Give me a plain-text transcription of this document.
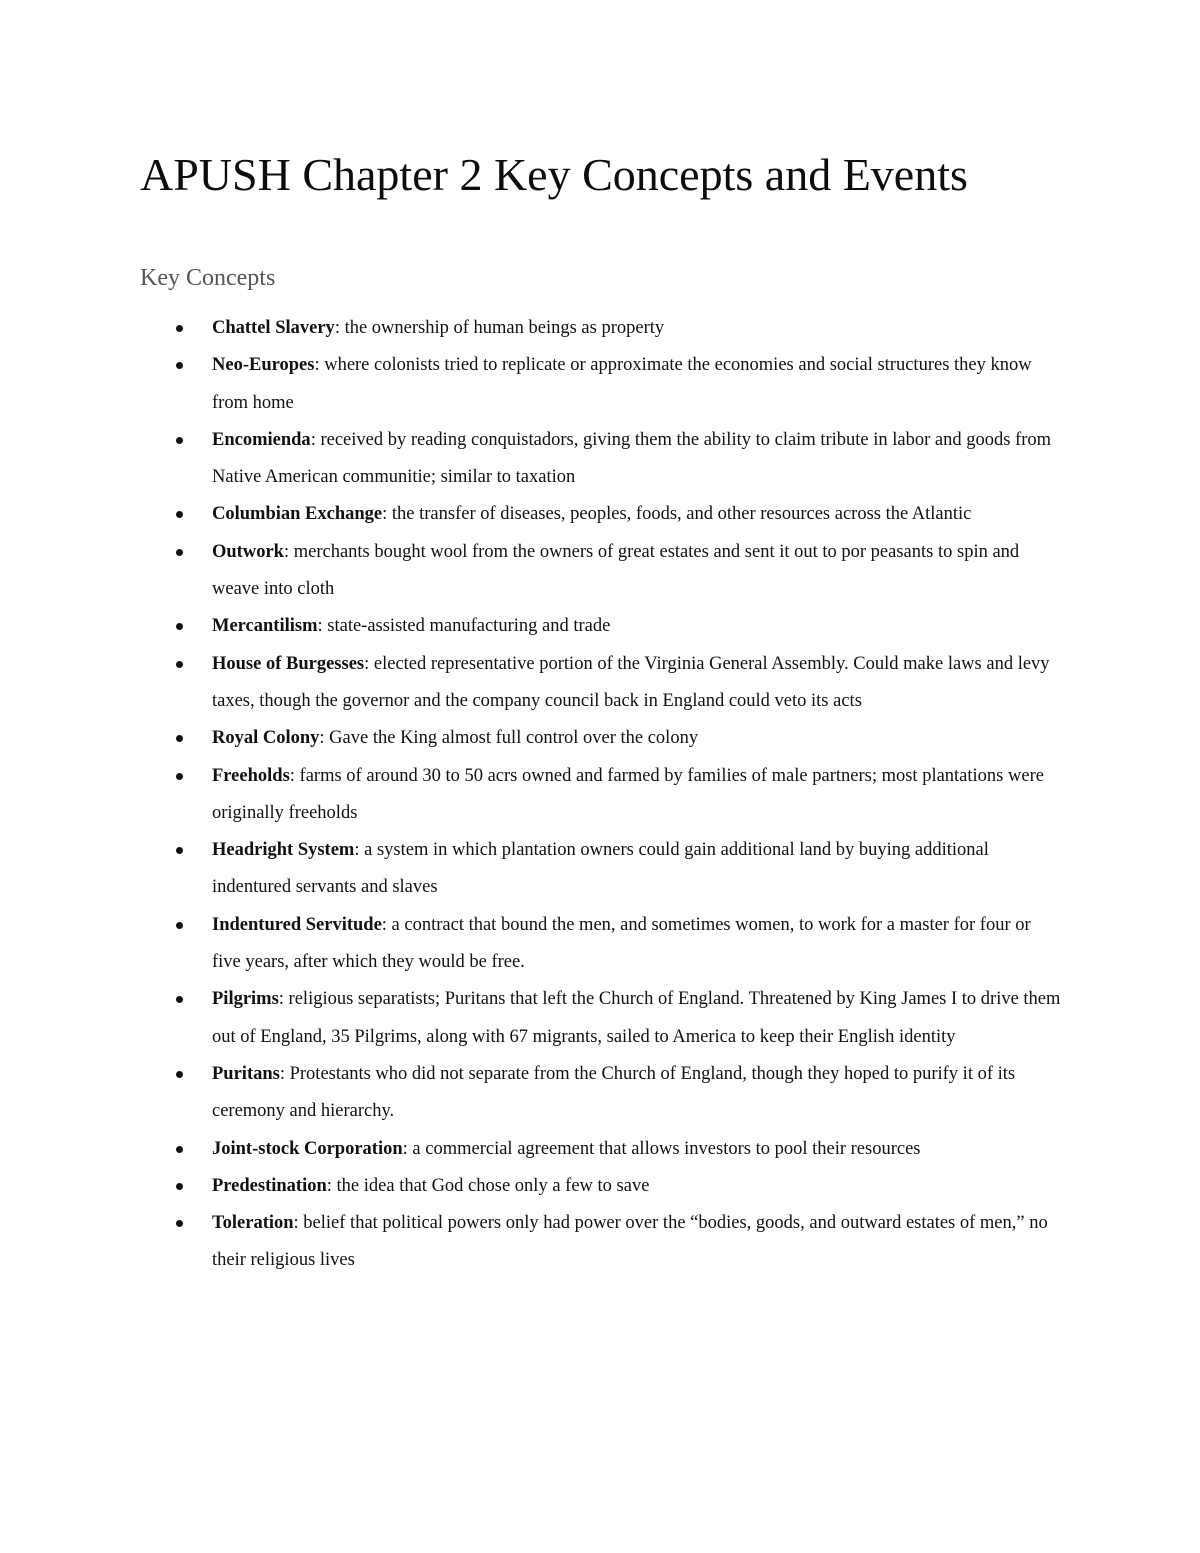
APUSH Chapter 2 Key Concepts and Events
Key Concepts
Chattel Slavery: the ownership of human beings as property
Neo-Europes: where colonists tried to replicate or approximate the economies and social structures they know from home
Encomienda: received by reading conquistadors, giving them the ability to claim tribute in labor and goods from Native American communitie; similar to taxation
Columbian Exchange: the transfer of diseases, peoples, foods, and other resources across the Atlantic
Outwork: merchants bought wool from the owners of great estates and sent it out to por peasants to spin and weave into cloth
Mercantilism: state-assisted manufacturing and trade
House of Burgesses: elected representative portion of the Virginia General Assembly. Could make laws and levy taxes, though the governor and the company council back in England could veto its acts
Royal Colony: Gave the King almost full control over the colony
Freeholds: farms of around 30 to 50 acrs owned and farmed by families of male partners; most plantations were originally freeholds
Headright System: a system in which plantation owners could gain additional land by buying additional indentured servants and slaves
Indentured Servitude: a contract that bound the men, and sometimes women, to work for a master for four or five years, after which they would be free.
Pilgrims: religious separatists; Puritans that left the Church of England. Threatened by King James I to drive them out of England, 35 Pilgrims, along with 67 migrants, sailed to America to keep their English identity
Puritans: Protestants who did not separate from the Church of England, though they hoped to purify it of its ceremony and hierarchy.
Joint-stock Corporation: a commercial agreement that allows investors to pool their resources
Predestination: the idea that God chose only a few to save
Toleration: belief that political powers only had power over the “bodies, goods, and outward estates of men,” no their religious lives
